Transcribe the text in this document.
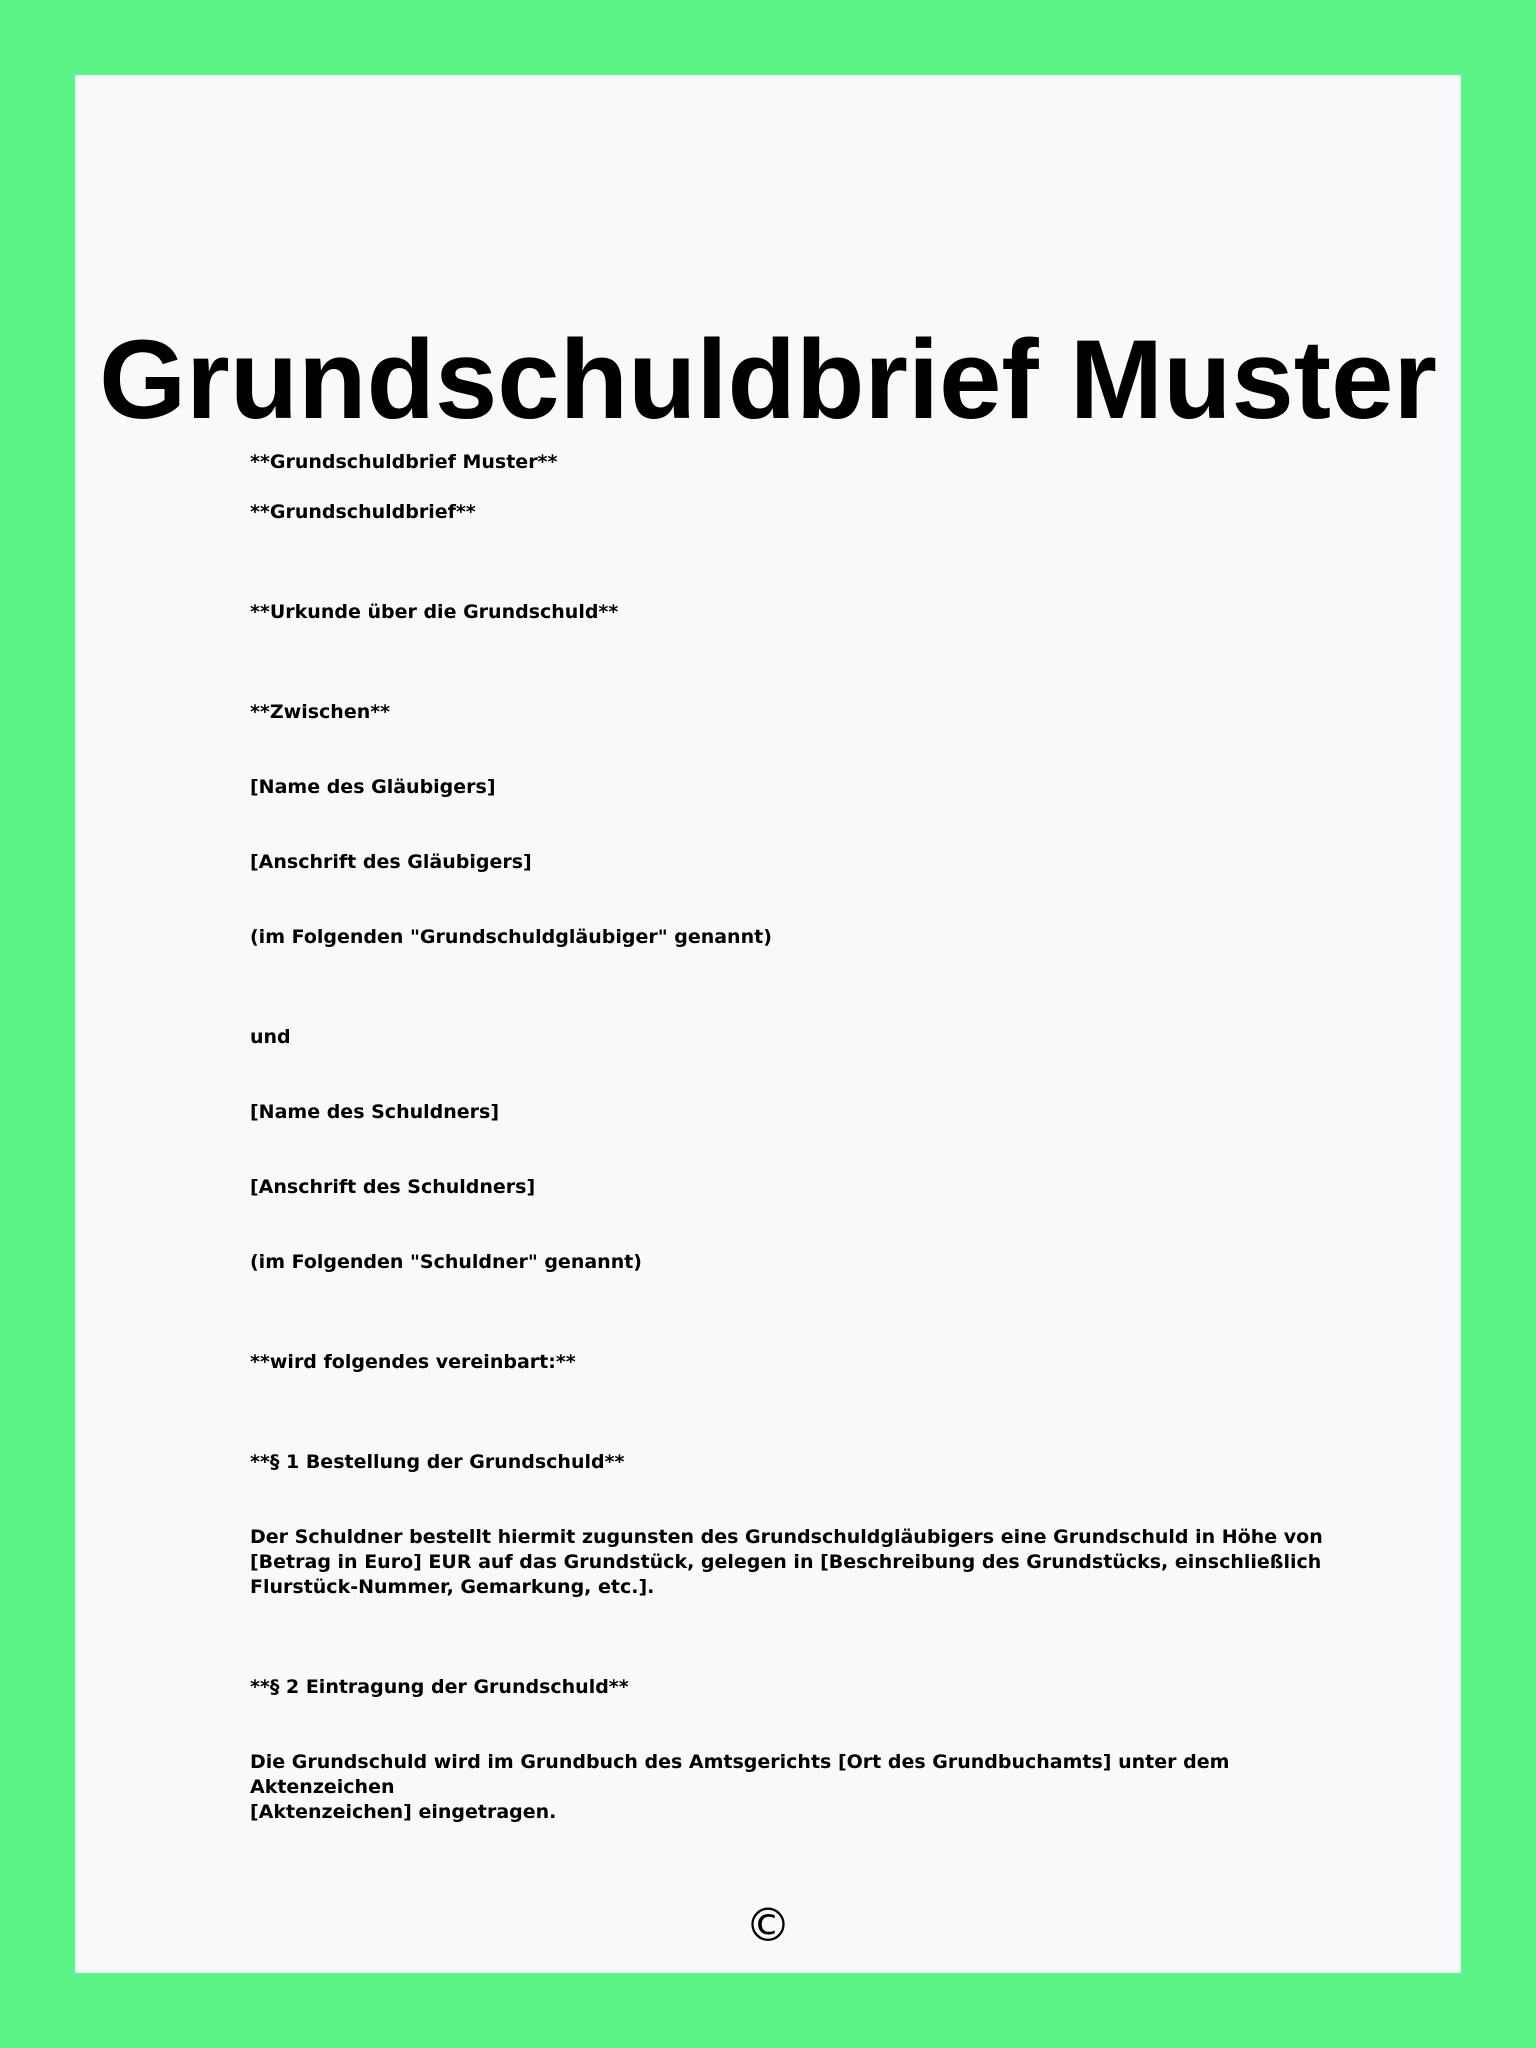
Grundschuldbrief Muster

**Grundschuldbrief Muster**

**Grundschuldbrief**

**Urkunde über die Grundschuld**

**Zwischen**

[Name des Gläubigers]

[Anschrift des Gläubigers]

(im Folgenden "Grundschuldgläubiger" genannt)

und

[Name des Schuldners]

[Anschrift des Schuldners]

(im Folgenden "Schuldner" genannt)

**wird folgendes vereinbart:**

**§ 1 Bestellung der Grundschuld**

Der Schuldner bestellt hiermit zugunsten des Grundschuldgläubigers eine Grundschuld in Höhe von
[Betrag in Euro] EUR auf das Grundstück, gelegen in [Beschreibung des Grundstücks, einschließlich
Flurstück-Nummer, Gemarkung, etc.].

**§ 2 Eintragung der Grundschuld**

Die Grundschuld wird im Grundbuch des Amtsgerichts [Ort des Grundbuchamts] unter dem Aktenzeichen
[Aktenzeichen] eingetragen.

©
